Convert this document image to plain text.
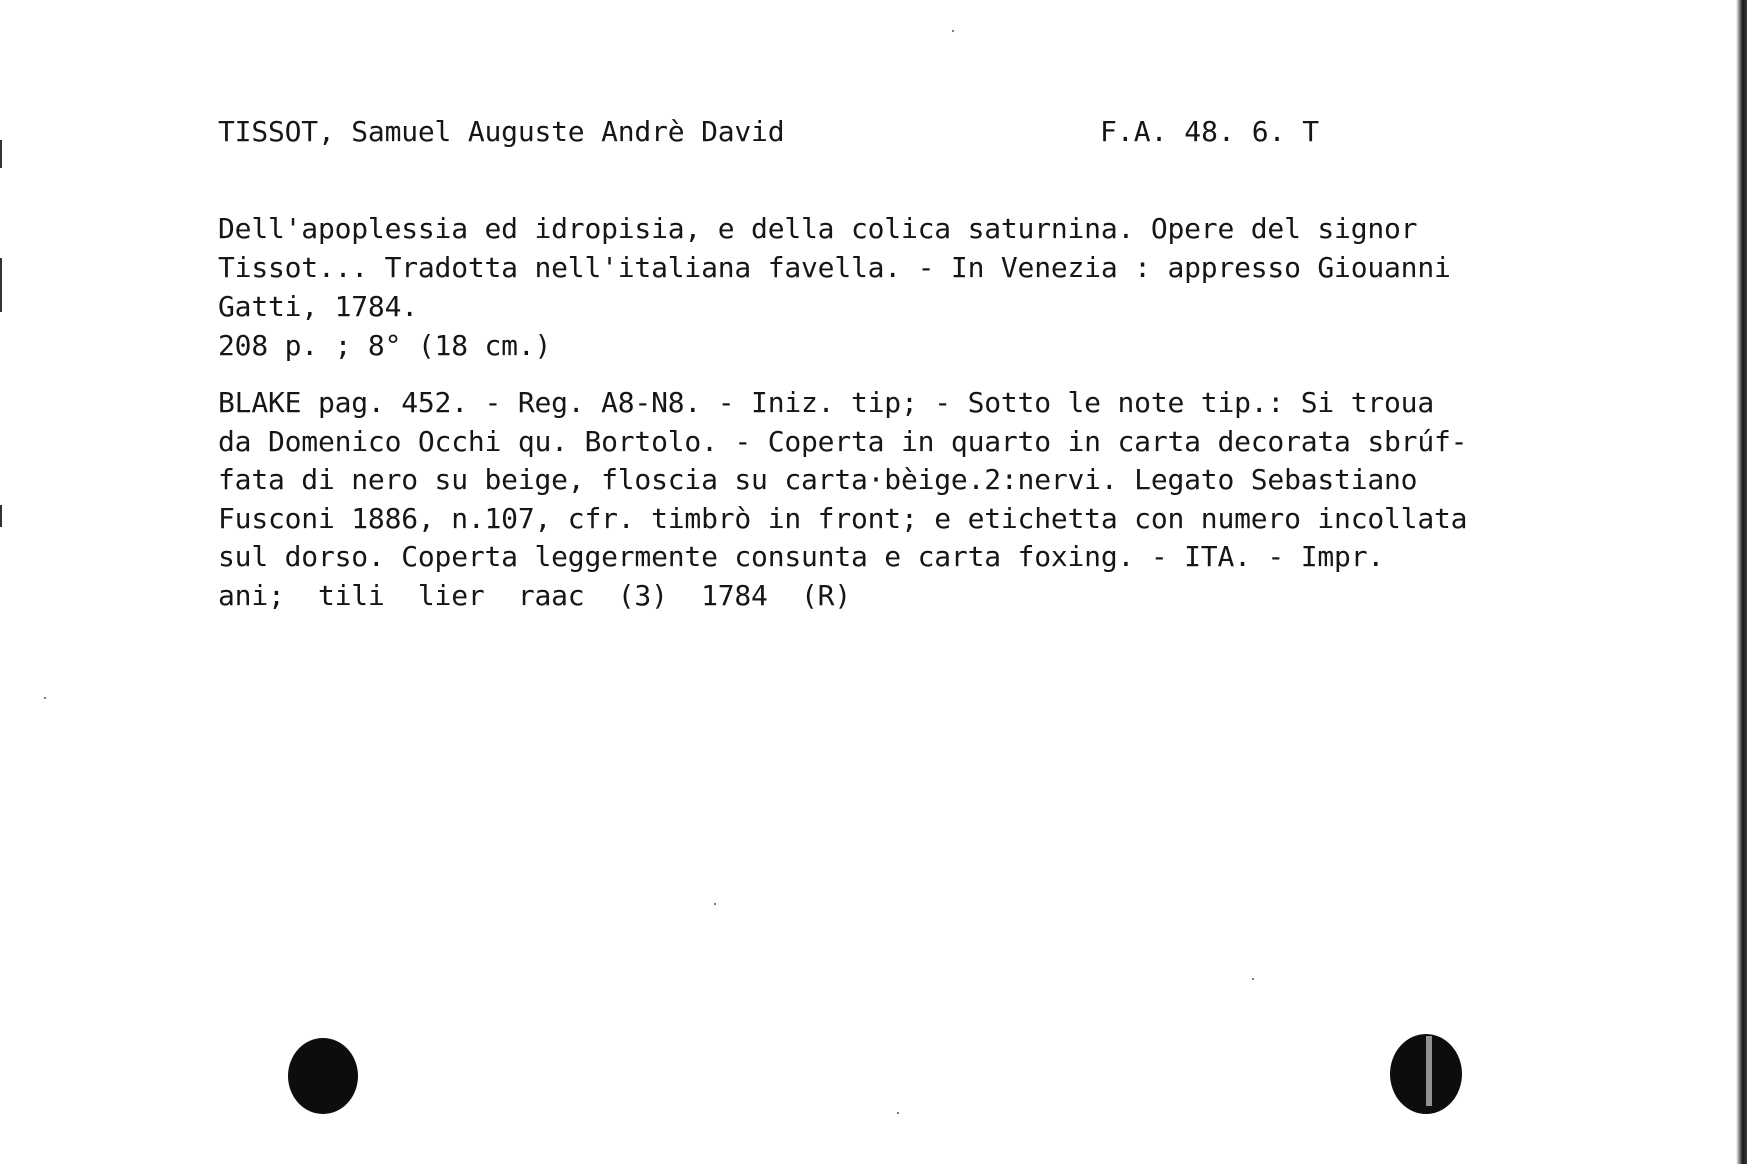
TISSOT, Samuel Auguste Andrè David	F.A. 48. 6. T
Dell'apoplessia ed idropisia, e della colica saturnina. Opere del signor
Tissot... Tradotta nell'italiana favella. - In Venezia : appresso Giouanni
Gatti, 1784.
208 p. ; 8° (18 cm.)
BLAKE pag. 452. - Reg. A8-N8. - Iniz. tip; - Sotto le note tip.: Si troua
da Domenico Occhi qu. Bortolo. - Coperta in quarto in carta decorata sbrúf-
fata di nero su beige, floscia su carta·bèige.2:nervi. Legato Sebastiano
Fusconi 1886, n.107, cfr. timbrò in front; e etichetta con numero incollata
sul dorso. Coperta leggermente consunta e carta foxing. - ITA. - Impr.
ani;  tili  lier  raac  (3)  1784  (R)
